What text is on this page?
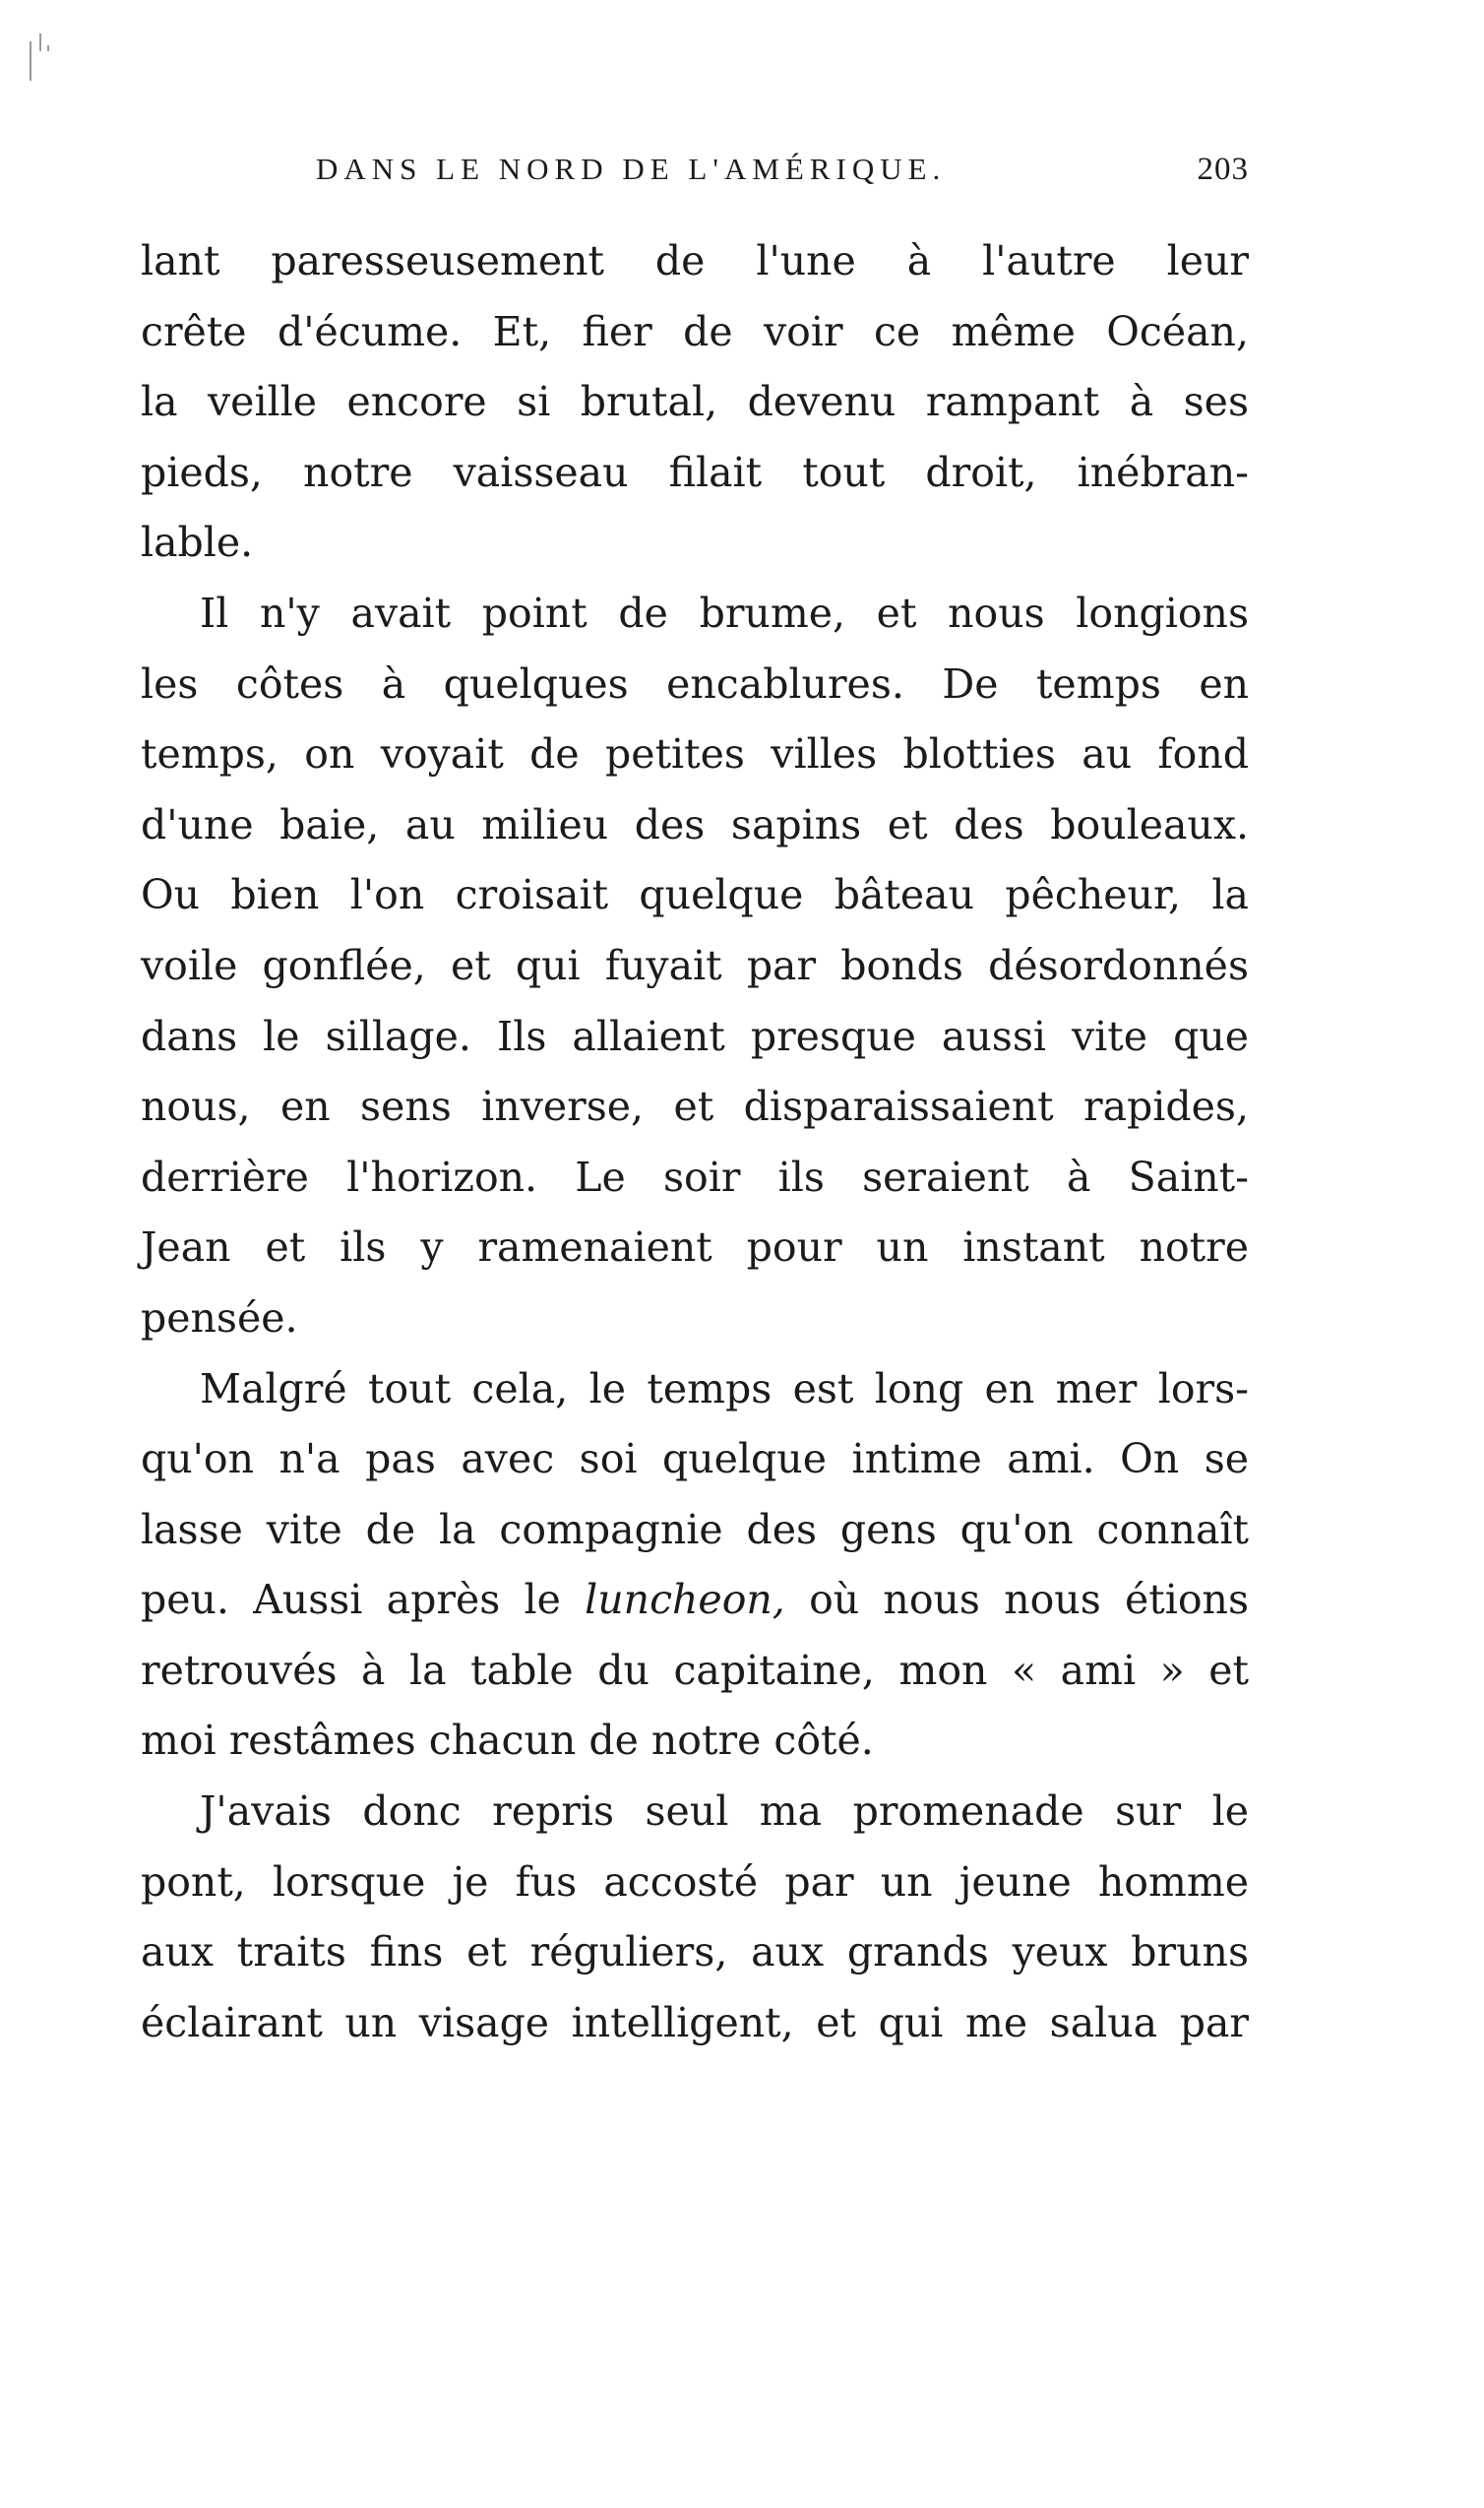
DANS LE NORD DE L'AMÉRIQUE.	203
lant paresseusement de l'une à l'autre leur
crête d'écume. Et, fier de voir ce même Océan,
la veille encore si brutal, devenu rampant à ses
pieds, notre vaisseau filait tout droit, inébran-
lable.
Il n'y avait point de brume, et nous longions
les côtes à quelques encablures. De temps en
temps, on voyait de petites villes blotties au fond
d'une baie, au milieu des sapins et des bouleaux.
Ou bien l'on croisait quelque bâteau pêcheur, la
voile gonflée, et qui fuyait par bonds désordonnés
dans le sillage. Ils allaient presque aussi vite que
nous, en sens inverse, et disparaissaient rapides,
derrière l'horizon. Le soir ils seraient à Saint-
Jean et ils y ramenaient pour un instant notre
pensée.
Malgré tout cela, le temps est long en mer lors-
qu'on n'a pas avec soi quelque intime ami. On se
lasse vite de la compagnie des gens qu'on connaît
peu. Aussi après le luncheon, où nous nous étions
retrouvés à la table du capitaine, mon « ami » et
moi restâmes chacun de notre côté.
J'avais donc repris seul ma promenade sur le
pont, lorsque je fus accosté par un jeune homme
aux traits fins et réguliers, aux grands yeux bruns
éclairant un visage intelligent, et qui me salua par
